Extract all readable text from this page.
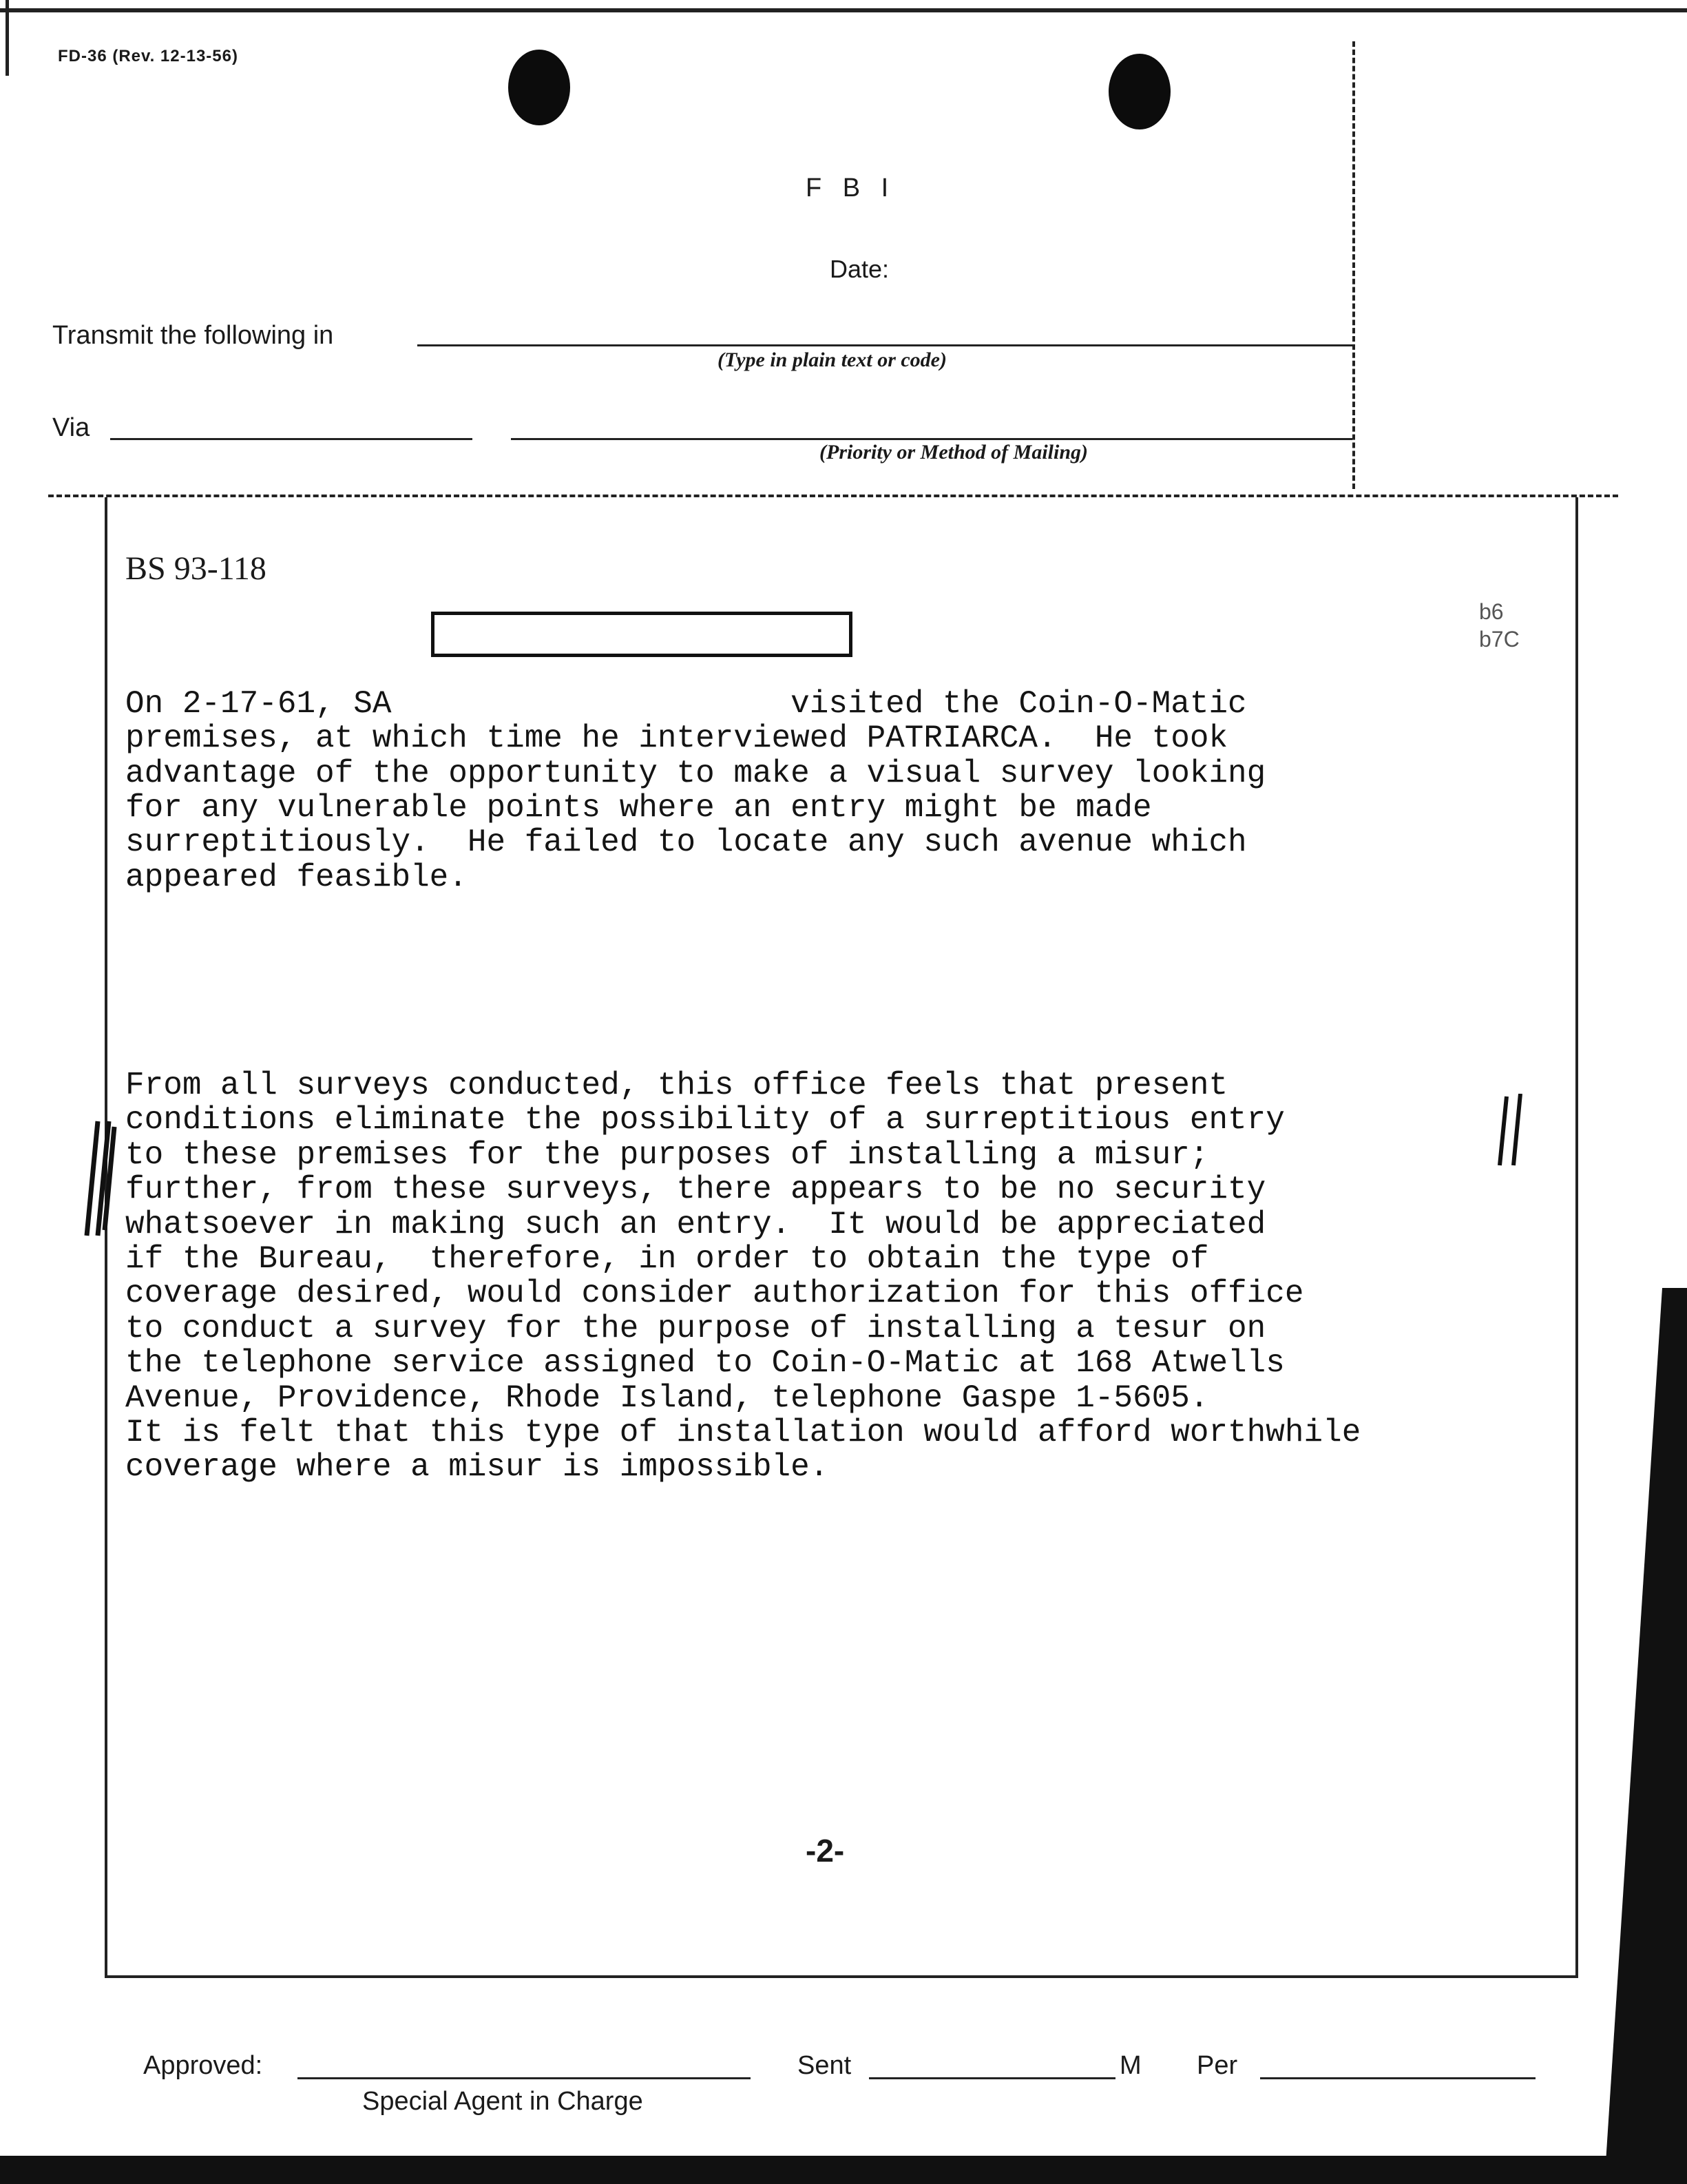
FD-36 (Rev. 12-13-56)
F B I
Date:
Transmit the following in
(Type in plain text or code)
Via
(Priority or Method of Mailing)
BS 93-118

On 2-17-61, SA                     visited the Coin-O-Matic
premises, at which time he interviewed PATRIARCA.  He took
advantage of the opportunity to make a visual survey looking
for any vulnerable points where an entry might be made
surreptitiously.  He failed to locate any such avenue which
appeared feasible.

From all surveys conducted, this office feels that present
conditions eliminate the possibility of a surreptitious entry
to these premises for the purposes of installing a misur;
further, from these surveys, there appears to be no security
whatsoever in making such an entry.  It would be appreciated
if the Bureau,  therefore, in order to obtain the type of
coverage desired, would consider authorization for this office
to conduct a survey for the purpose of installing a tesur on
the telephone service assigned to Coin-O-Matic at 168 Atwells
Avenue, Providence, Rhode Island, telephone Gaspe 1-5605.
It is felt that this type of installation would afford worthwhile
coverage where a misur is impossible.

b6
b7C
-2-
Approved:
Special Agent in Charge
Sent	M Per
